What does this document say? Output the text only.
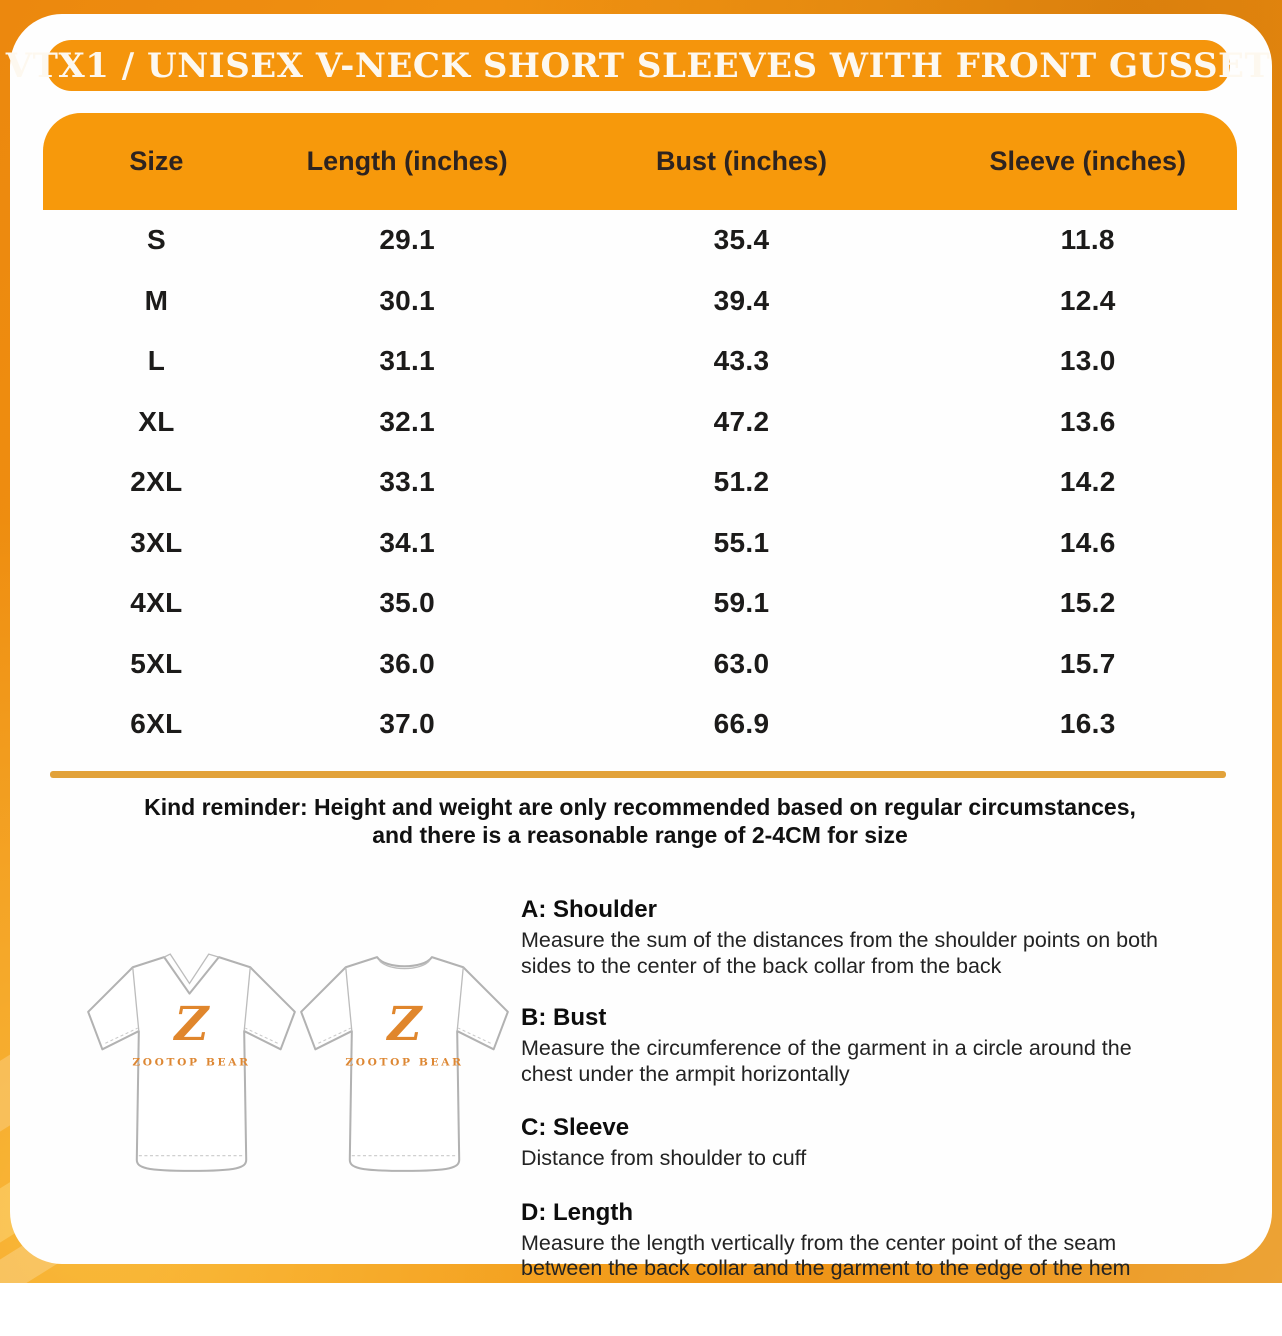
VTX1 / UNISEX V-NECK SHORT SLEEVES WITH FRONT GUSSET
Size	Length (inches)	Bust (inches)	Sleeve (inches)
S	29.1	35.4	11.8
M	30.1	39.4	12.4
L	31.1	43.3	13.0
XL	32.1	47.2	13.6
2XL	33.1	51.2	14.2
3XL	34.1	55.1	14.6
4XL	35.0	59.1	15.2
5XL	36.0	63.0	15.7
6XL	37.0	66.9	16.3
Kind reminder: Height and weight are only recommended based on regular circumstances,
and there is a reasonable range of 2-4CM for size
Z
ZOOTOP BEAR
Z
ZOOTOP BEAR
A: Shoulder
Measure the sum of the distances from the shoulder points on both sides to the center of the back collar from the back
B: Bust
Measure the circumference of the garment in a circle around the chest under the armpit horizontally
C: Sleeve
Distance from shoulder to cuff
D: Length
Measure the length vertically from the center point of the seam between the back collar and the garment to the edge of the hem
